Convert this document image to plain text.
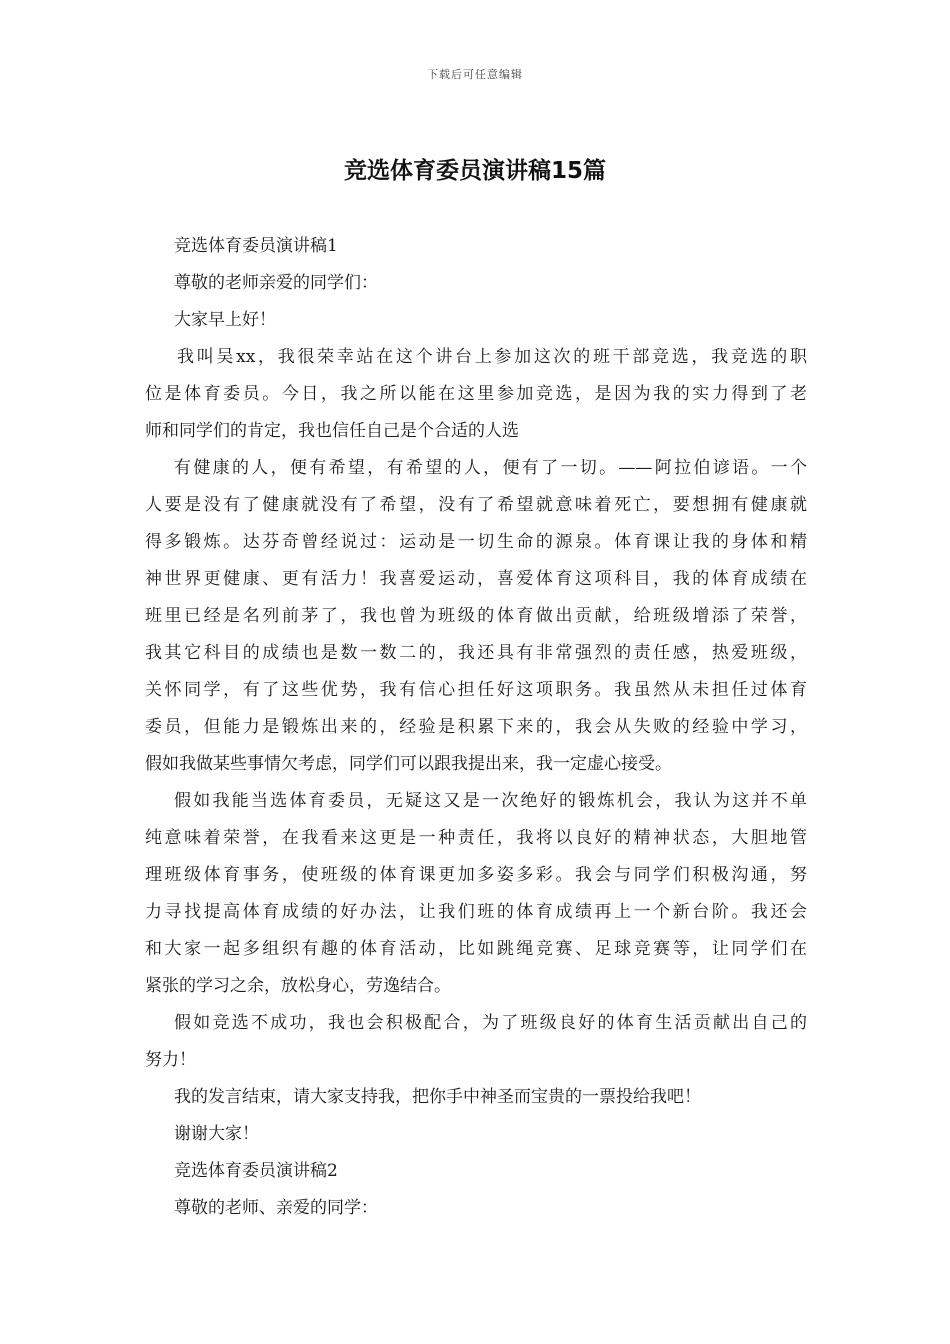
下载后可任意编辑
竞选体育委员演讲稿15篇
竞选体育委员演讲稿1
尊敬的老师亲爱的同学们：
大家早上好！
我叫吴xx，我很荣幸站在这个讲台上参加这次的班干部竞选，我竞选的职
位是体育委员。今日，我之所以能在这里参加竞选，是因为我的实力得到了老
师和同学们的肯定，我也信任自己是个合适的人选
有健康的人，便有希望，有希望的人，便有了一切。——阿拉伯谚语。一个
人要是没有了健康就没有了希望，没有了希望就意味着死亡，要想拥有健康就
得多锻炼。达芬奇曾经说过：运动是一切生命的源泉。体育课让我的身体和精
神世界更健康、更有活力！我喜爱运动，喜爱体育这项科目，我的体育成绩在
班里已经是名列前茅了，我也曾为班级的体育做出贡献，给班级增添了荣誉，
我其它科目的成绩也是数一数二的，我还具有非常强烈的责任感，热爱班级，
关怀同学，有了这些优势，我有信心担任好这项职务。我虽然从未担任过体育
委员，但能力是锻炼出来的，经验是积累下来的，我会从失败的经验中学习，
假如我做某些事情欠考虑，同学们可以跟我提出来，我一定虚心接受。
假如我能当选体育委员，无疑这又是一次绝好的锻炼机会，我认为这并不单
纯意味着荣誉，在我看来这更是一种责任，我将以良好的精神状态，大胆地管
理班级体育事务，使班级的体育课更加多姿多彩。我会与同学们积极沟通，努
力寻找提高体育成绩的好办法，让我们班的体育成绩再上一个新台阶。我还会
和大家一起多组织有趣的体育活动，比如跳绳竞赛、足球竞赛等，让同学们在
紧张的学习之余，放松身心，劳逸结合。
假如竞选不成功，我也会积极配合，为了班级良好的体育生活贡献出自己的
努力！
我的发言结束，请大家支持我，把你手中神圣而宝贵的一票投给我吧！
谢谢大家！
竞选体育委员演讲稿2
尊敬的老师、亲爱的同学：
